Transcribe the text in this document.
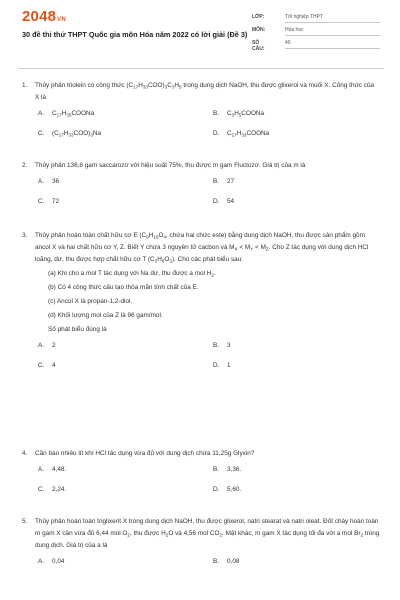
2048VN
30 đề thi thử THPT Quốc gia môn Hóa năm 2022 có lời giải (Đề 3)
LỚP:	Tốt nghiệp THPT
MÔN:	Hóa học
SỐ CÂU:
40
1. Thủy phân triolein có công thức $(C_{17}H_{33}COO)_3C_3H_5$ trong dung dịch NaOH, thu được glixerol và muối X. Công thức của X là
A. $C_{17}H_{35}COONa$	B. $C_3H_5COONa$
C. $(C_{17}H_{33}COO)_3Na$	D. $C_{17}H_{33}COONa$
2. Thủy phân 136,8 gam saccarozơ với hiệu suất 75%, thu được m gam Fluctozơ. Giá trị của m là
A. 36	B. 27
C. 72	D. 54
3. Thủy phân hoàn toàn chất hữu cơ E ($C_9H_{16}O_4$, chứa hai chức este) bằng dung dịch NaOH, thu được sản phẩm gồm ancol X và hai chất hữu cơ Y, Z. Biết Y chứa 3 nguyên tử cacbon và $M_X < M_Y < M_Z$. Cho Z tác dụng với dung dịch HCl loãng, dư, thu được hợp chất hữu cơ T $(C_3H_6O_3)$. Cho các phát biểu sau:
(a) Khi cho a mol T tác dụng với Na dư, thu được a mol $H_2$.
(b) Có 4 công thức cấu tạo thỏa mãn tính chất của E.
(c) Ancol X là propan-1,2-diol.
(d) Khối lượng mol của Z là 96 gam/mol.
Số phát biểu đúng là
A. 2	B. 3
C. 4	D. 1
4. Cần bao nhiêu lít khí HCl tác dụng vừa đủ với dung dịch chứa 11,25g Glyxin?
A. 4,48.	B. 3,36.
C. 2,24.	D. 5,60.
5. Thủy phân hoàn toàn triglixerit X trong dung dịch NaOH, thu được glixerol, natri stearat và natri oleat. Đốt cháy hoàn toàn m gam X cần vừa đủ 6,44 mol $O_2$, thu được $H_2O$ và 4,56 mol $CO_2$. Mặt khác, m gam X tác dụng tối đa với a mol $Br_2$ trong dung dịch. Giá trị của a là
A. 0,04	B. 0,08
